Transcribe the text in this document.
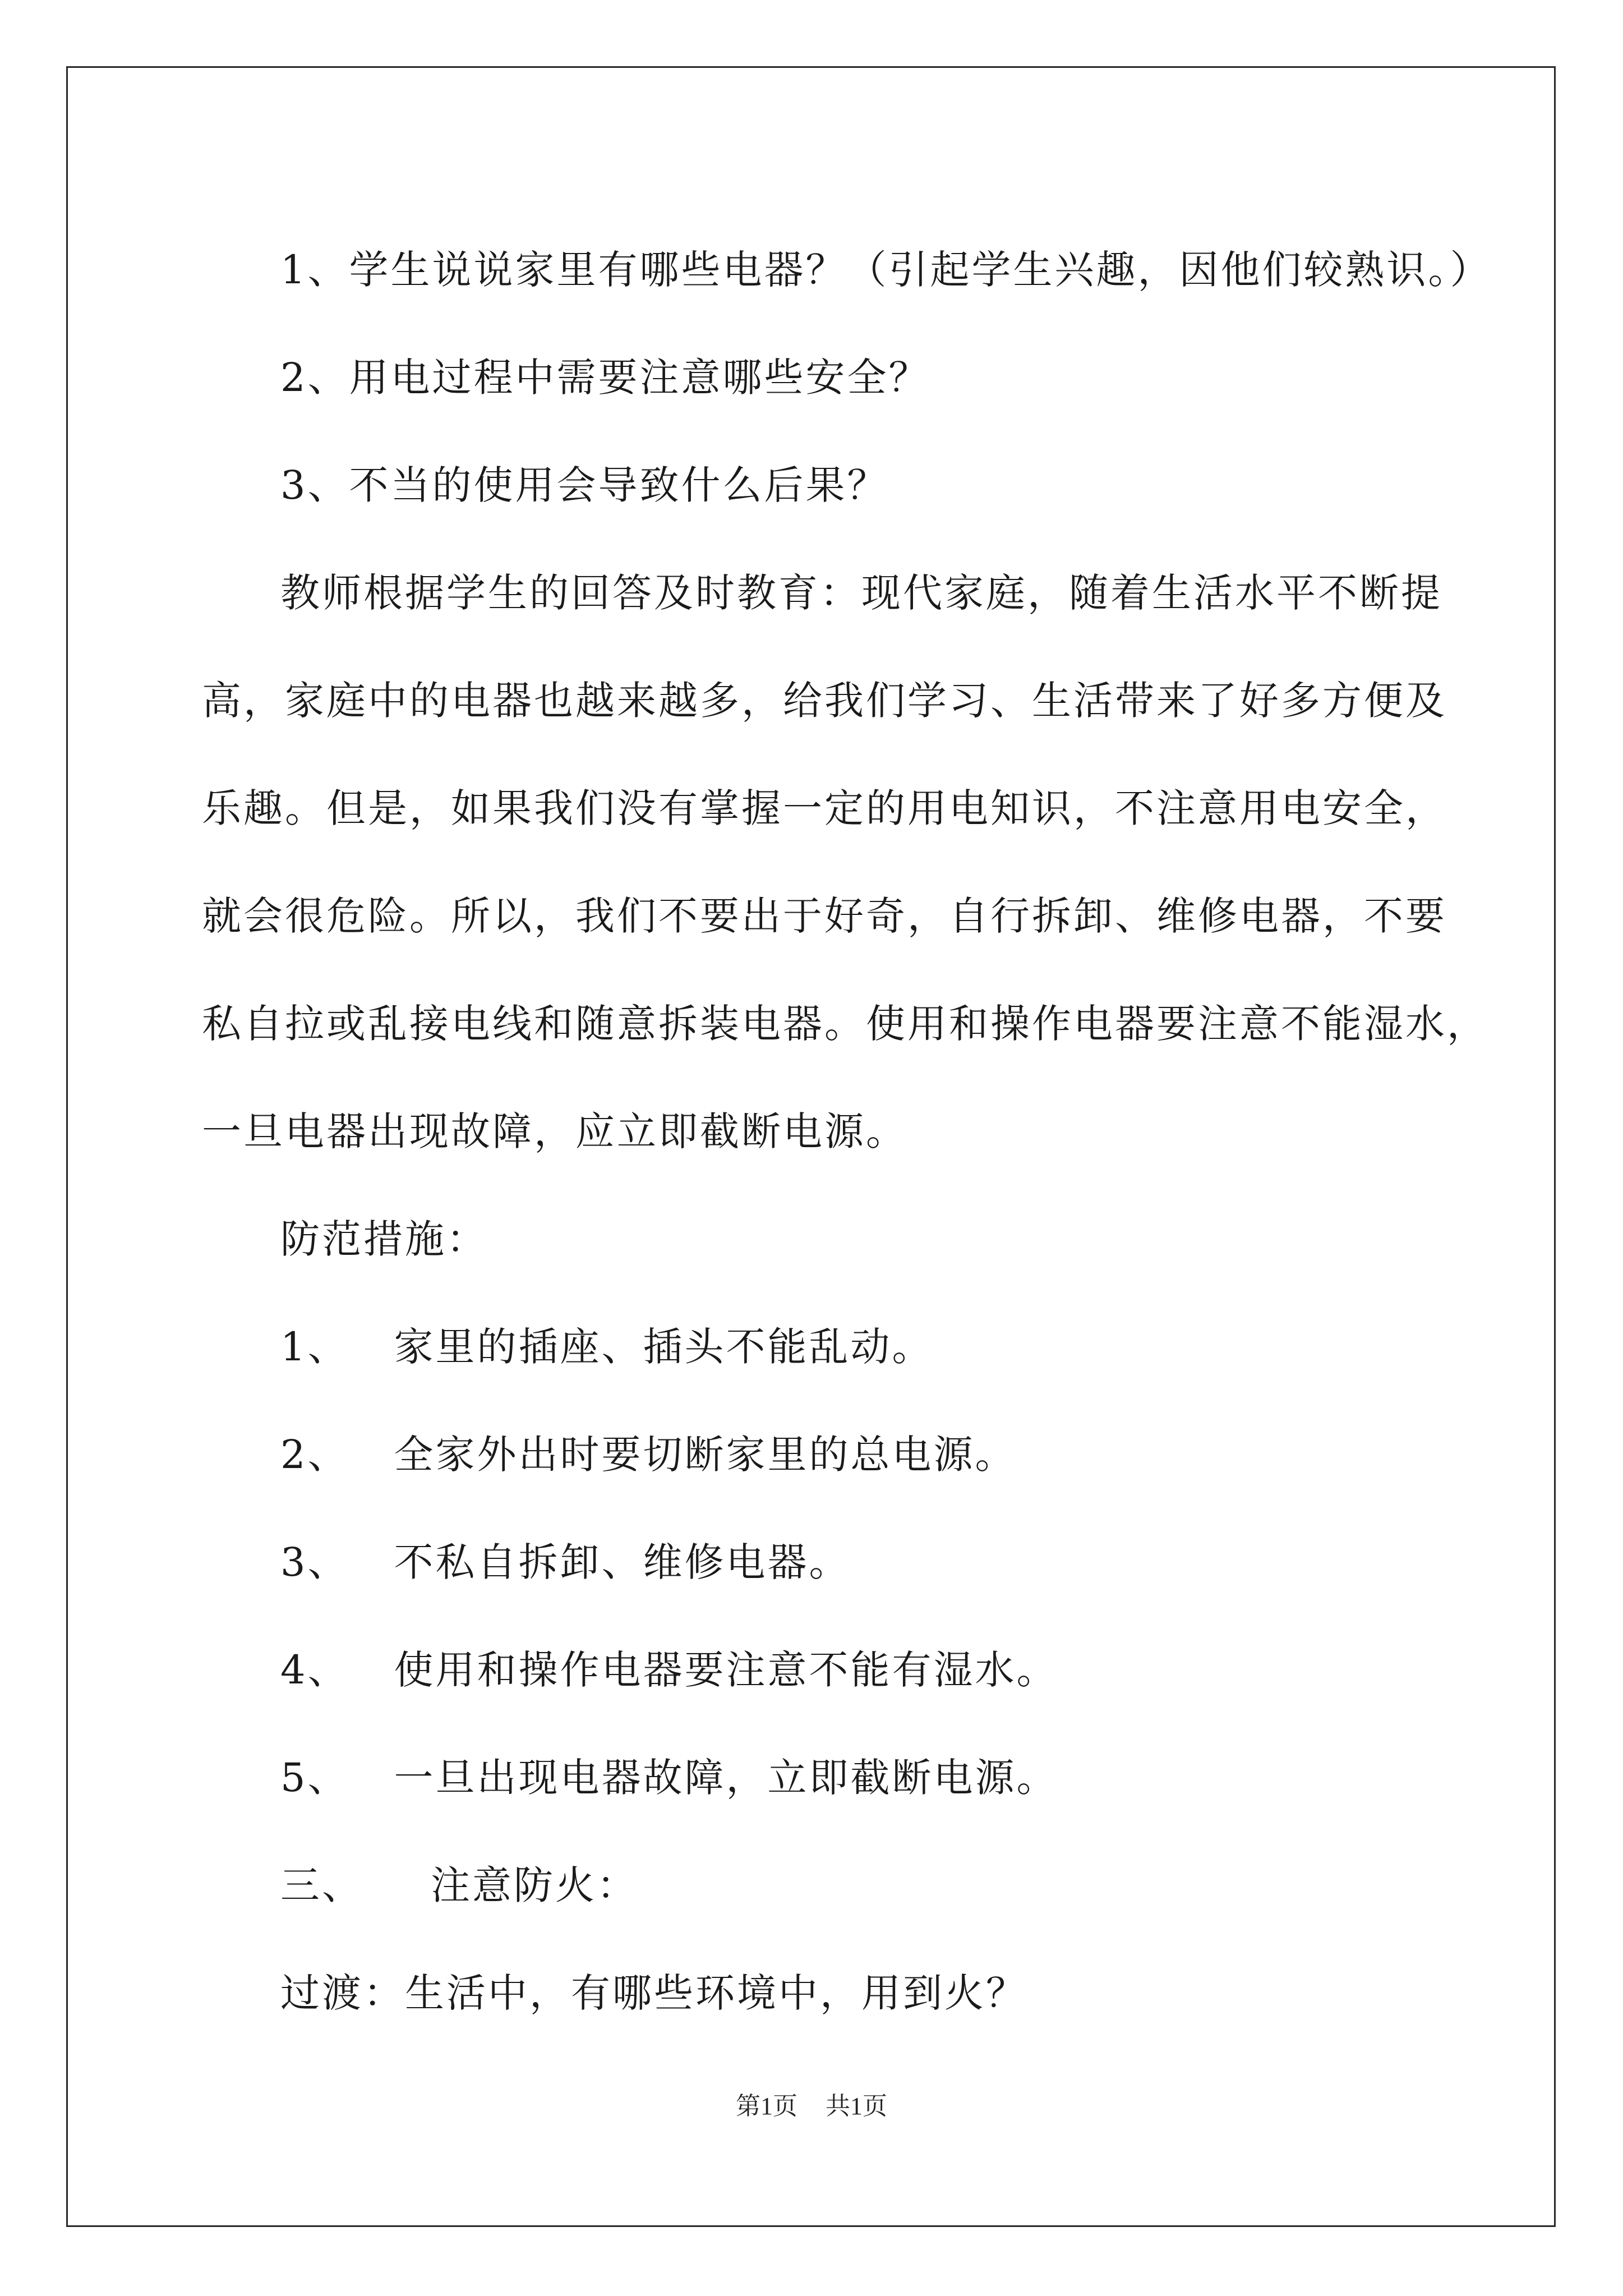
1、学生说说家里有哪些电器？（引起学生兴趣，因他们较熟识。）
2、用电过程中需要注意哪些安全？
3、不当的使用会导致什么后果？
教师根据学生的回答及时教育：现代家庭，随着生活水平不断提
高，家庭中的电器也越来越多，给我们学习、生活带来了好多方便及
乐趣。但是，如果我们没有掌握一定的用电知识，不注意用电安全，
就会很危险。所以，我们不要出于好奇，自行拆卸、维修电器，不要
私自拉或乱接电线和随意拆装电器。使用和操作电器要注意不能湿水，
一旦电器出现故障，应立即截断电源。
防范措施：
1、 家里的插座、插头不能乱动。
2、 全家外出时要切断家里的总电源。
3、 不私自拆卸、维修电器。
4、 使用和操作电器要注意不能有湿水。
5、 一旦出现电器故障，立即截断电源。
三、 注意防火：
过渡：生活中，有哪些环境中，用到火？
第1页 共1页
